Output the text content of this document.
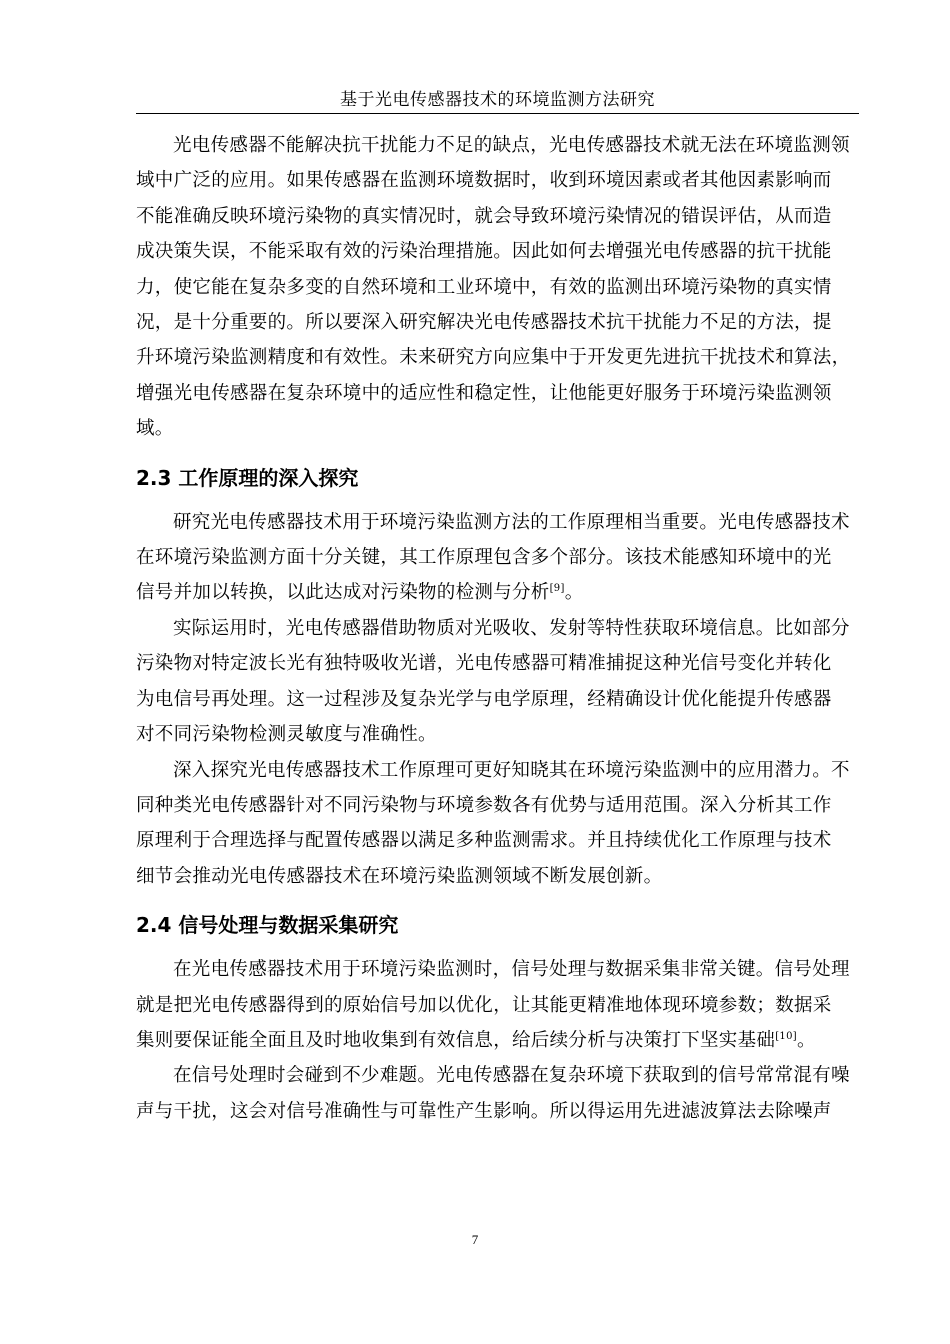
基于光电传感器技术的环境监测方法研究

光电传感器不能解决抗干扰能力不足的缺点，光电传感器技术就无法在环境监测领
域中广泛的应用。如果传感器在监测环境数据时，收到环境因素或者其他因素影响而
不能准确反映环境污染物的真实情况时，就会导致环境污染情况的错误评估，从而造
成决策失误，不能采取有效的污染治理措施。因此如何去增强光电传感器的抗干扰能
力，使它能在复杂多变的自然环境和工业环境中，有效的监测出环境污染物的真实情
况，是十分重要的。所以要深入研究解决光电传感器技术抗干扰能力不足的方法，提
升环境污染监测精度和有效性。未来研究方向应集中于开发更先进抗干扰技术和算法，
增强光电传感器在复杂环境中的适应性和稳定性，让他能更好服务于环境污染监测领
域。

2.3 工作原理的深入探究

研究光电传感器技术用于环境污染监测方法的工作原理相当重要。光电传感器技术
在环境污染监测方面十分关键，其工作原理包含多个部分。该技术能感知环境中的光
信号并加以转换，以此达成对污染物的检测与分析[9]。

实际运用时，光电传感器借助物质对光吸收、发射等特性获取环境信息。比如部分
污染物对特定波长光有独特吸收光谱，光电传感器可精准捕捉这种光信号变化并转化
为电信号再处理。这一过程涉及复杂光学与电学原理，经精确设计优化能提升传感器
对不同污染物检测灵敏度与准确性。

深入探究光电传感器技术工作原理可更好知晓其在环境污染监测中的应用潜力。不
同种类光电传感器针对不同污染物与环境参数各有优势与适用范围。深入分析其工作
原理利于合理选择与配置传感器以满足多种监测需求。并且持续优化工作原理与技术
细节会推动光电传感器技术在环境污染监测领域不断发展创新。

2.4 信号处理与数据采集研究

在光电传感器技术用于环境污染监测时，信号处理与数据采集非常关键。信号处理
就是把光电传感器得到的原始信号加以优化，让其能更精准地体现环境参数；数据采
集则要保证能全面且及时地收集到有效信息，给后续分析与决策打下坚实基础[10]。

在信号处理时会碰到不少难题。光电传感器在复杂环境下获取到的信号常常混有噪
声与干扰，这会对信号准确性与可靠性产生影响。所以得运用先进滤波算法去除噪声

7
